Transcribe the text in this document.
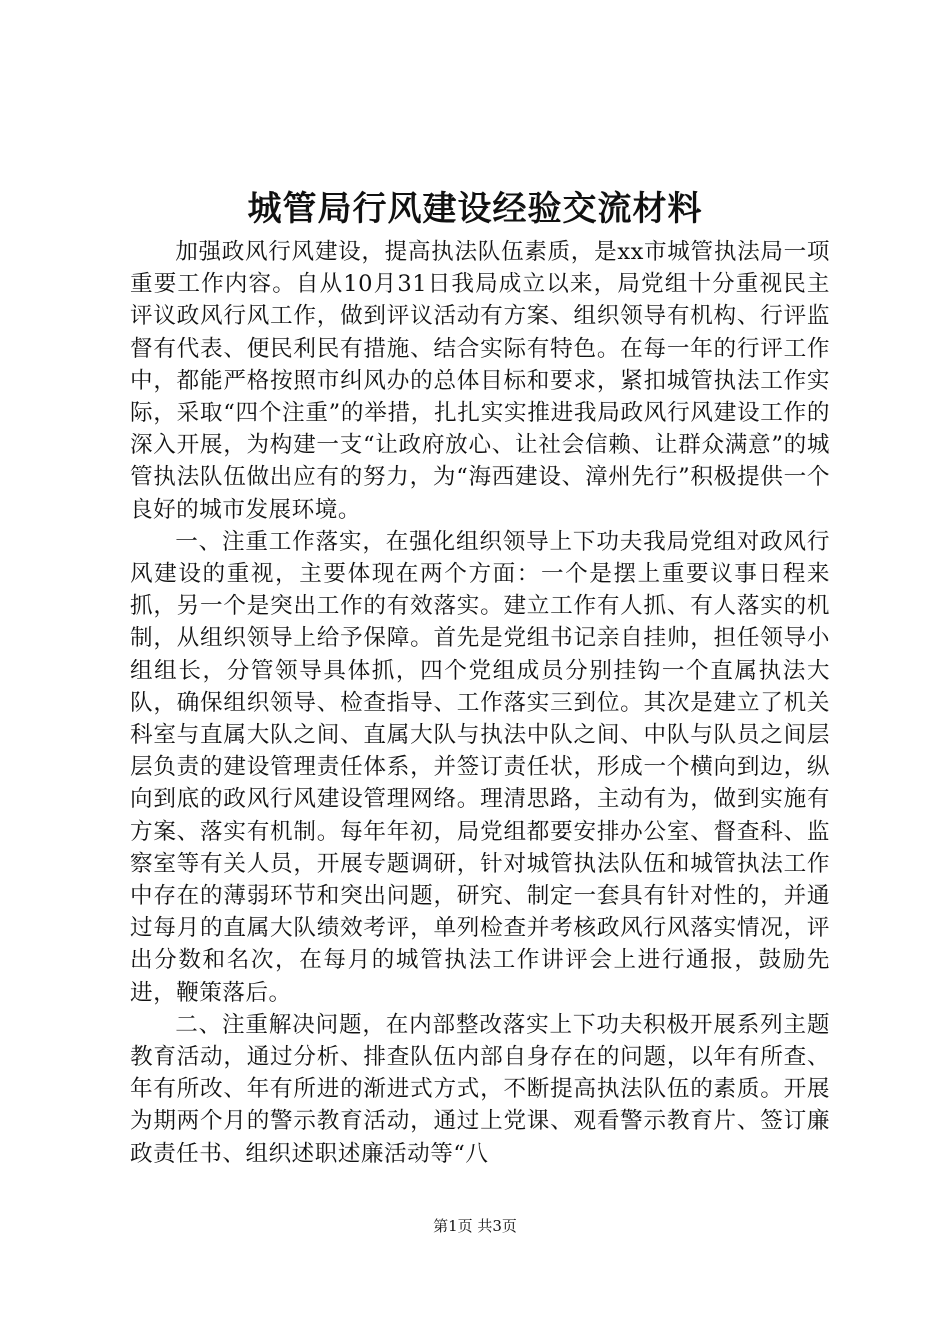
城管局行风建设经验交流材料

加强政风行风建设，提高执法队伍素质，是xx市城管执法局一项重要工作内容。自从10月31日我局成立以来，局党组十分重视民主评议政风行风工作，做到评议活动有方案、组织领导有机构、行评监督有代表、便民利民有措施、结合实际有特色。在每一年的行评工作中，都能严格按照市纠风办的总体目标和要求，紧扣城管执法工作实际，采取“四个注重”的举措，扎扎实实推进我局政风行风建设工作的深入开展，为构建一支“让政府放心、让社会信赖、让群众满意”的城管执法队伍做出应有的努力，为“海西建设、漳州先行”积极提供一个良好的城市发展环境。

一、注重工作落实，在强化组织领导上下功夫我局党组对政风行风建设的重视，主要体现在两个方面：一个是摆上重要议事日程来抓，另一个是突出工作的有效落实。建立工作有人抓、有人落实的机制，从组织领导上给予保障。首先是党组书记亲自挂帅，担任领导小组组长，分管领导具体抓，四个党组成员分别挂钩一个直属执法大队，确保组织领导、检查指导、工作落实三到位。其次是建立了机关科室与直属大队之间、直属大队与执法中队之间、中队与队员之间层层负责的建设管理责任体系，并签订责任状，形成一个横向到边，纵向到底的政风行风建设管理网络。理清思路，主动有为，做到实施有方案、落实有机制。每年年初，局党组都要安排办公室、督查科、监察室等有关人员，开展专题调研，针对城管执法队伍和城管执法工作中存在的薄弱环节和突出问题，研究、制定一套具有针对性的，并通过每月的直属大队绩效考评，单列检查并考核政风行风落实情况，评出分数和名次，在每月的城管执法工作讲评会上进行通报，鼓励先进，鞭策落后。

二、注重解决问题，在内部整改落实上下功夫积极开展系列主题教育活动，通过分析、排查队伍内部自身存在的问题，以年有所查、年有所改、年有所进的渐进式方式，不断提高执法队伍的素质。开展为期两个月的警示教育活动，通过上党课、观看警示教育片、签订廉政责任书、组织述职述廉活动等“八

第1页 共3页
